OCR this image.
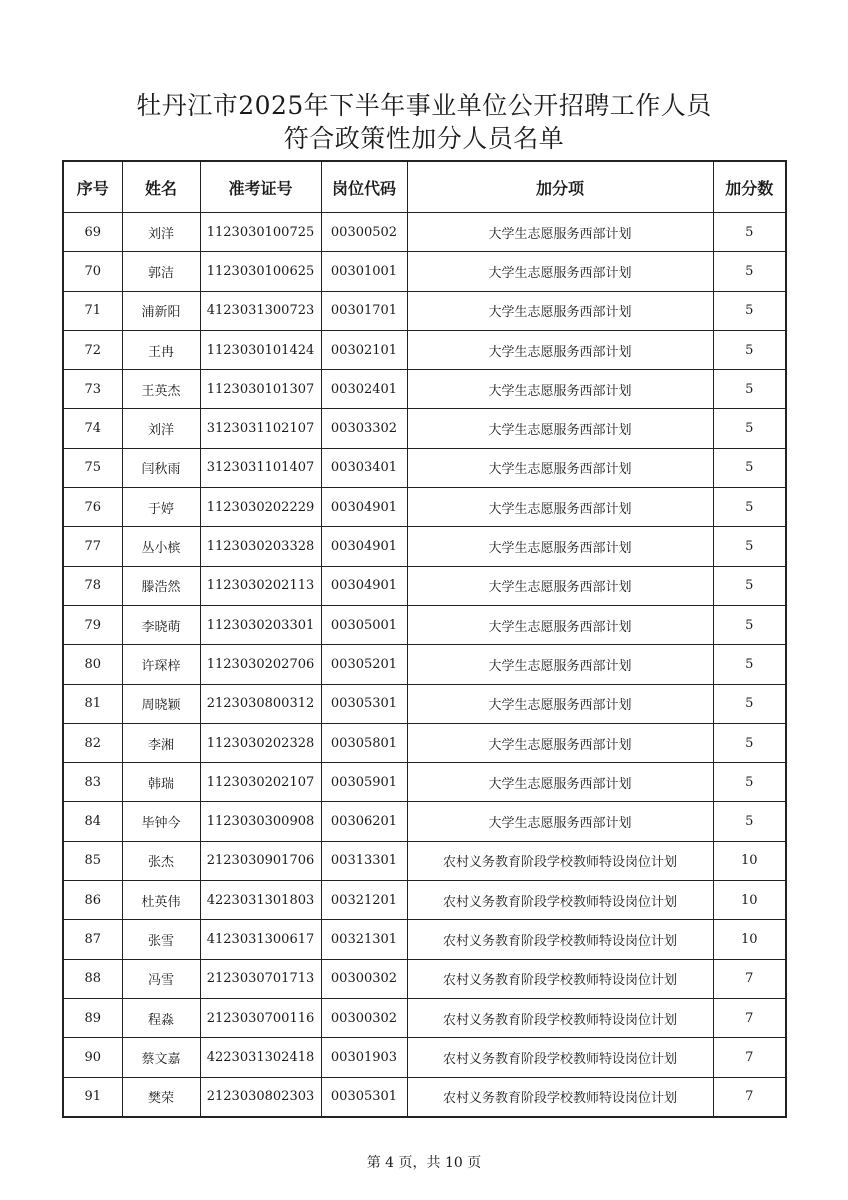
牡丹江市2025年下半年事业单位公开招聘工作人员
符合政策性加分人员名单
序号	姓名	准考证号	岗位代码	加分项	加分数
69	刘洋	1123030100725	00300502	大学生志愿服务西部计划	5
70	郭洁	1123030100625	00301001	大学生志愿服务西部计划	5
71	浦新阳	4123031300723	00301701	大学生志愿服务西部计划	5
72	王冉	1123030101424	00302101	大学生志愿服务西部计划	5
73	王英杰	1123030101307	00302401	大学生志愿服务西部计划	5
74	刘洋	3123031102107	00303302	大学生志愿服务西部计划	5
75	闫秋雨	3123031101407	00303401	大学生志愿服务西部计划	5
76	于婷	1123030202229	00304901	大学生志愿服务西部计划	5
77	丛小槟	1123030203328	00304901	大学生志愿服务西部计划	5
78	滕浩然	1123030202113	00304901	大学生志愿服务西部计划	5
79	李晓萌	1123030203301	00305001	大学生志愿服务西部计划	5
80	许琛梓	1123030202706	00305201	大学生志愿服务西部计划	5
81	周晓颖	2123030800312	00305301	大学生志愿服务西部计划	5
82	李湘	1123030202328	00305801	大学生志愿服务西部计划	5
83	韩瑞	1123030202107	00305901	大学生志愿服务西部计划	5
84	毕钟今	1123030300908	00306201	大学生志愿服务西部计划	5
85	张杰	2123030901706	00313301	农村义务教育阶段学校教师特设岗位计划	10
86	杜英伟	4223031301803	00321201	农村义务教育阶段学校教师特设岗位计划	10
87	张雪	4123031300617	00321301	农村义务教育阶段学校教师特设岗位计划	10
88	冯雪	2123030701713	00300302	农村义务教育阶段学校教师特设岗位计划	7
89	程淼	2123030700116	00300302	农村义务教育阶段学校教师特设岗位计划	7
90	蔡文嘉	4223031302418	00301903	农村义务教育阶段学校教师特设岗位计划	7
91	樊荣	2123030802303	00305301	农村义务教育阶段学校教师特设岗位计划	7
第 4 页，共 10 页
